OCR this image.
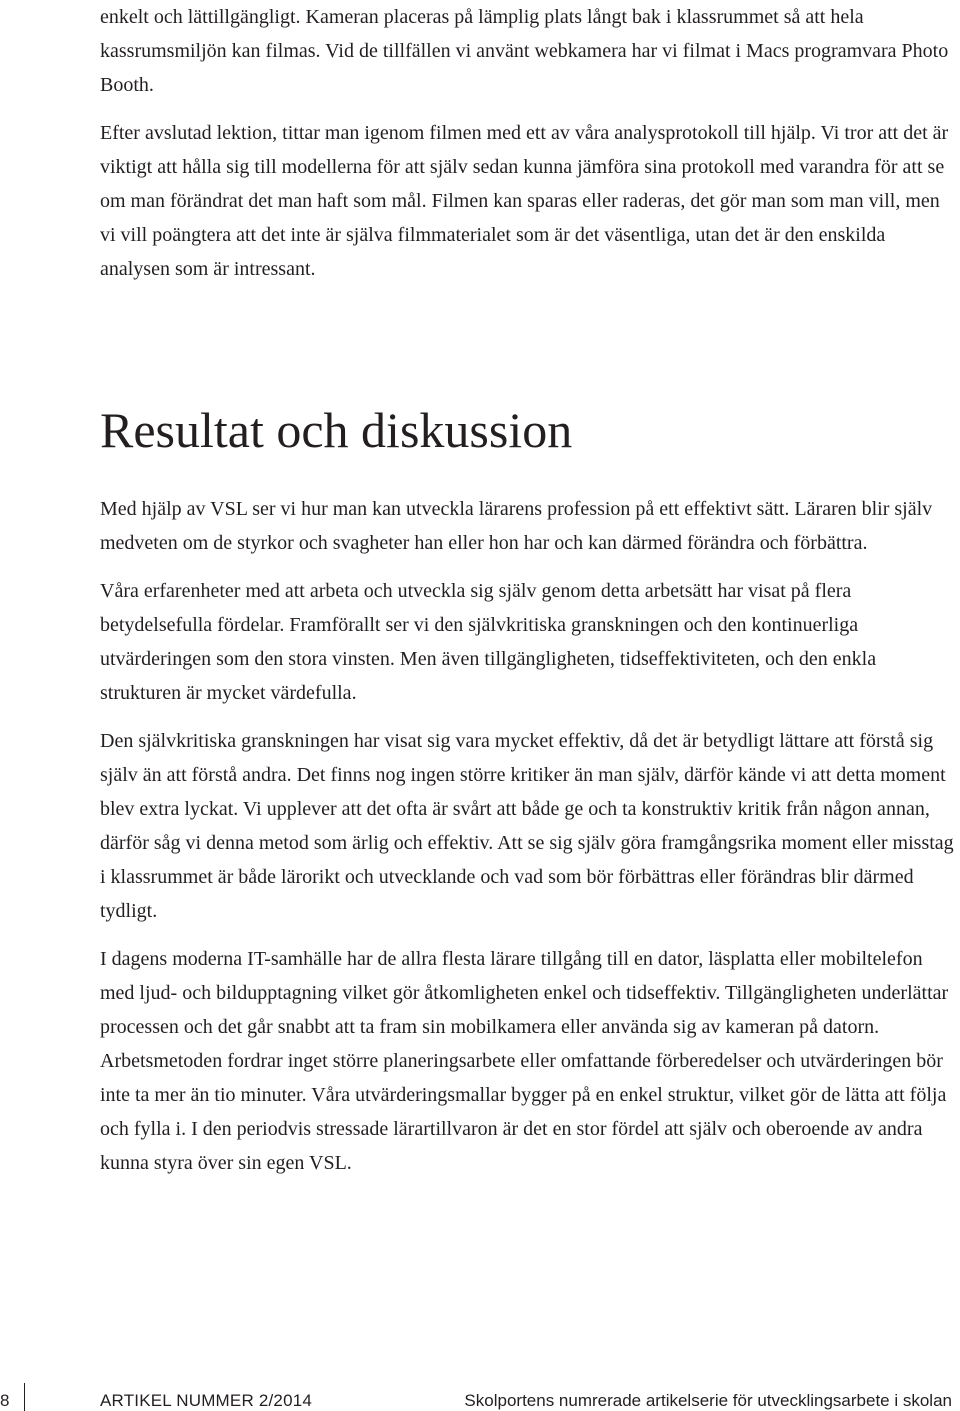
enkelt och lättillgängligt. Kameran placeras på lämplig plats långt bak i klassrummet så att hela kassrumsmiljön kan filmas. Vid de tillfällen vi använt webkamera har vi filmat i Macs programvara Photo Booth.

Efter avslutad lektion, tittar man igenom filmen med ett av våra analysprotokoll till hjälp. Vi tror att det är viktigt att hålla sig till modellerna för att själv sedan kunna jämföra sina protokoll med varandra för att se om man förändrat det man haft som mål. Filmen kan sparas eller raderas, det gör man som man vill, men vi vill poängtera att det inte är själva filmmaterialet som är det väsentliga, utan det är den enskilda analysen som är intressant.

Resultat och diskussion

Med hjälp av VSL ser vi hur man kan utveckla lärarens profession på ett effektivt sätt. Läraren blir själv medveten om de styrkor och svagheter han eller hon har och kan därmed förändra och förbättra.

Våra erfarenheter med att arbeta och utveckla sig själv genom detta arbetsätt har visat på flera betydelsefulla fördelar. Framförallt ser vi den självkritiska granskningen och den kontinuerliga utvärderingen som den stora vinsten. Men även tillgängligheten, tidseffektiviteten, och den enkla strukturen är mycket värdefulla.

Den självkritiska granskningen har visat sig vara mycket effektiv, då det är betydligt lättare att förstå sig själv än att förstå andra. Det finns nog ingen större kritiker än man själv, därför kände vi att detta moment blev extra lyckat. Vi upplever att det ofta är svårt att både ge och ta konstruktiv kritik från någon annan, därför såg vi denna metod som ärlig och effektiv. Att se sig själv göra framgångsrika moment eller misstag i klassrummet är både lärorikt och utvecklande och vad som bör förbättras eller förändras blir därmed tydligt.

I dagens moderna IT-samhälle har de allra flesta lärare tillgång till en dator, läsplatta eller mobiltelefon med ljud- och bildupptagning vilket gör åtkomligheten enkel och tidseffektiv. Tillgängligheten underlättar processen och det går snabbt att ta fram sin mobilkamera eller använda sig av kameran på datorn. Arbetsmetoden fordrar inget större planeringsarbete eller omfattande förberedelser och utvärderingen bör inte ta mer än tio minuter. Våra utvärderingsmallar bygger på en enkel struktur, vilket gör de lätta att följa och fylla i. I den periodvis stressade lärartillvaron är det en stor fördel att själv och oberoende av andra kunna styra över sin egen VSL.

8	ARTIKEL NUMMER 2/2014	Skolportens numrerade artikelserie för utvecklingsarbete i skolan
